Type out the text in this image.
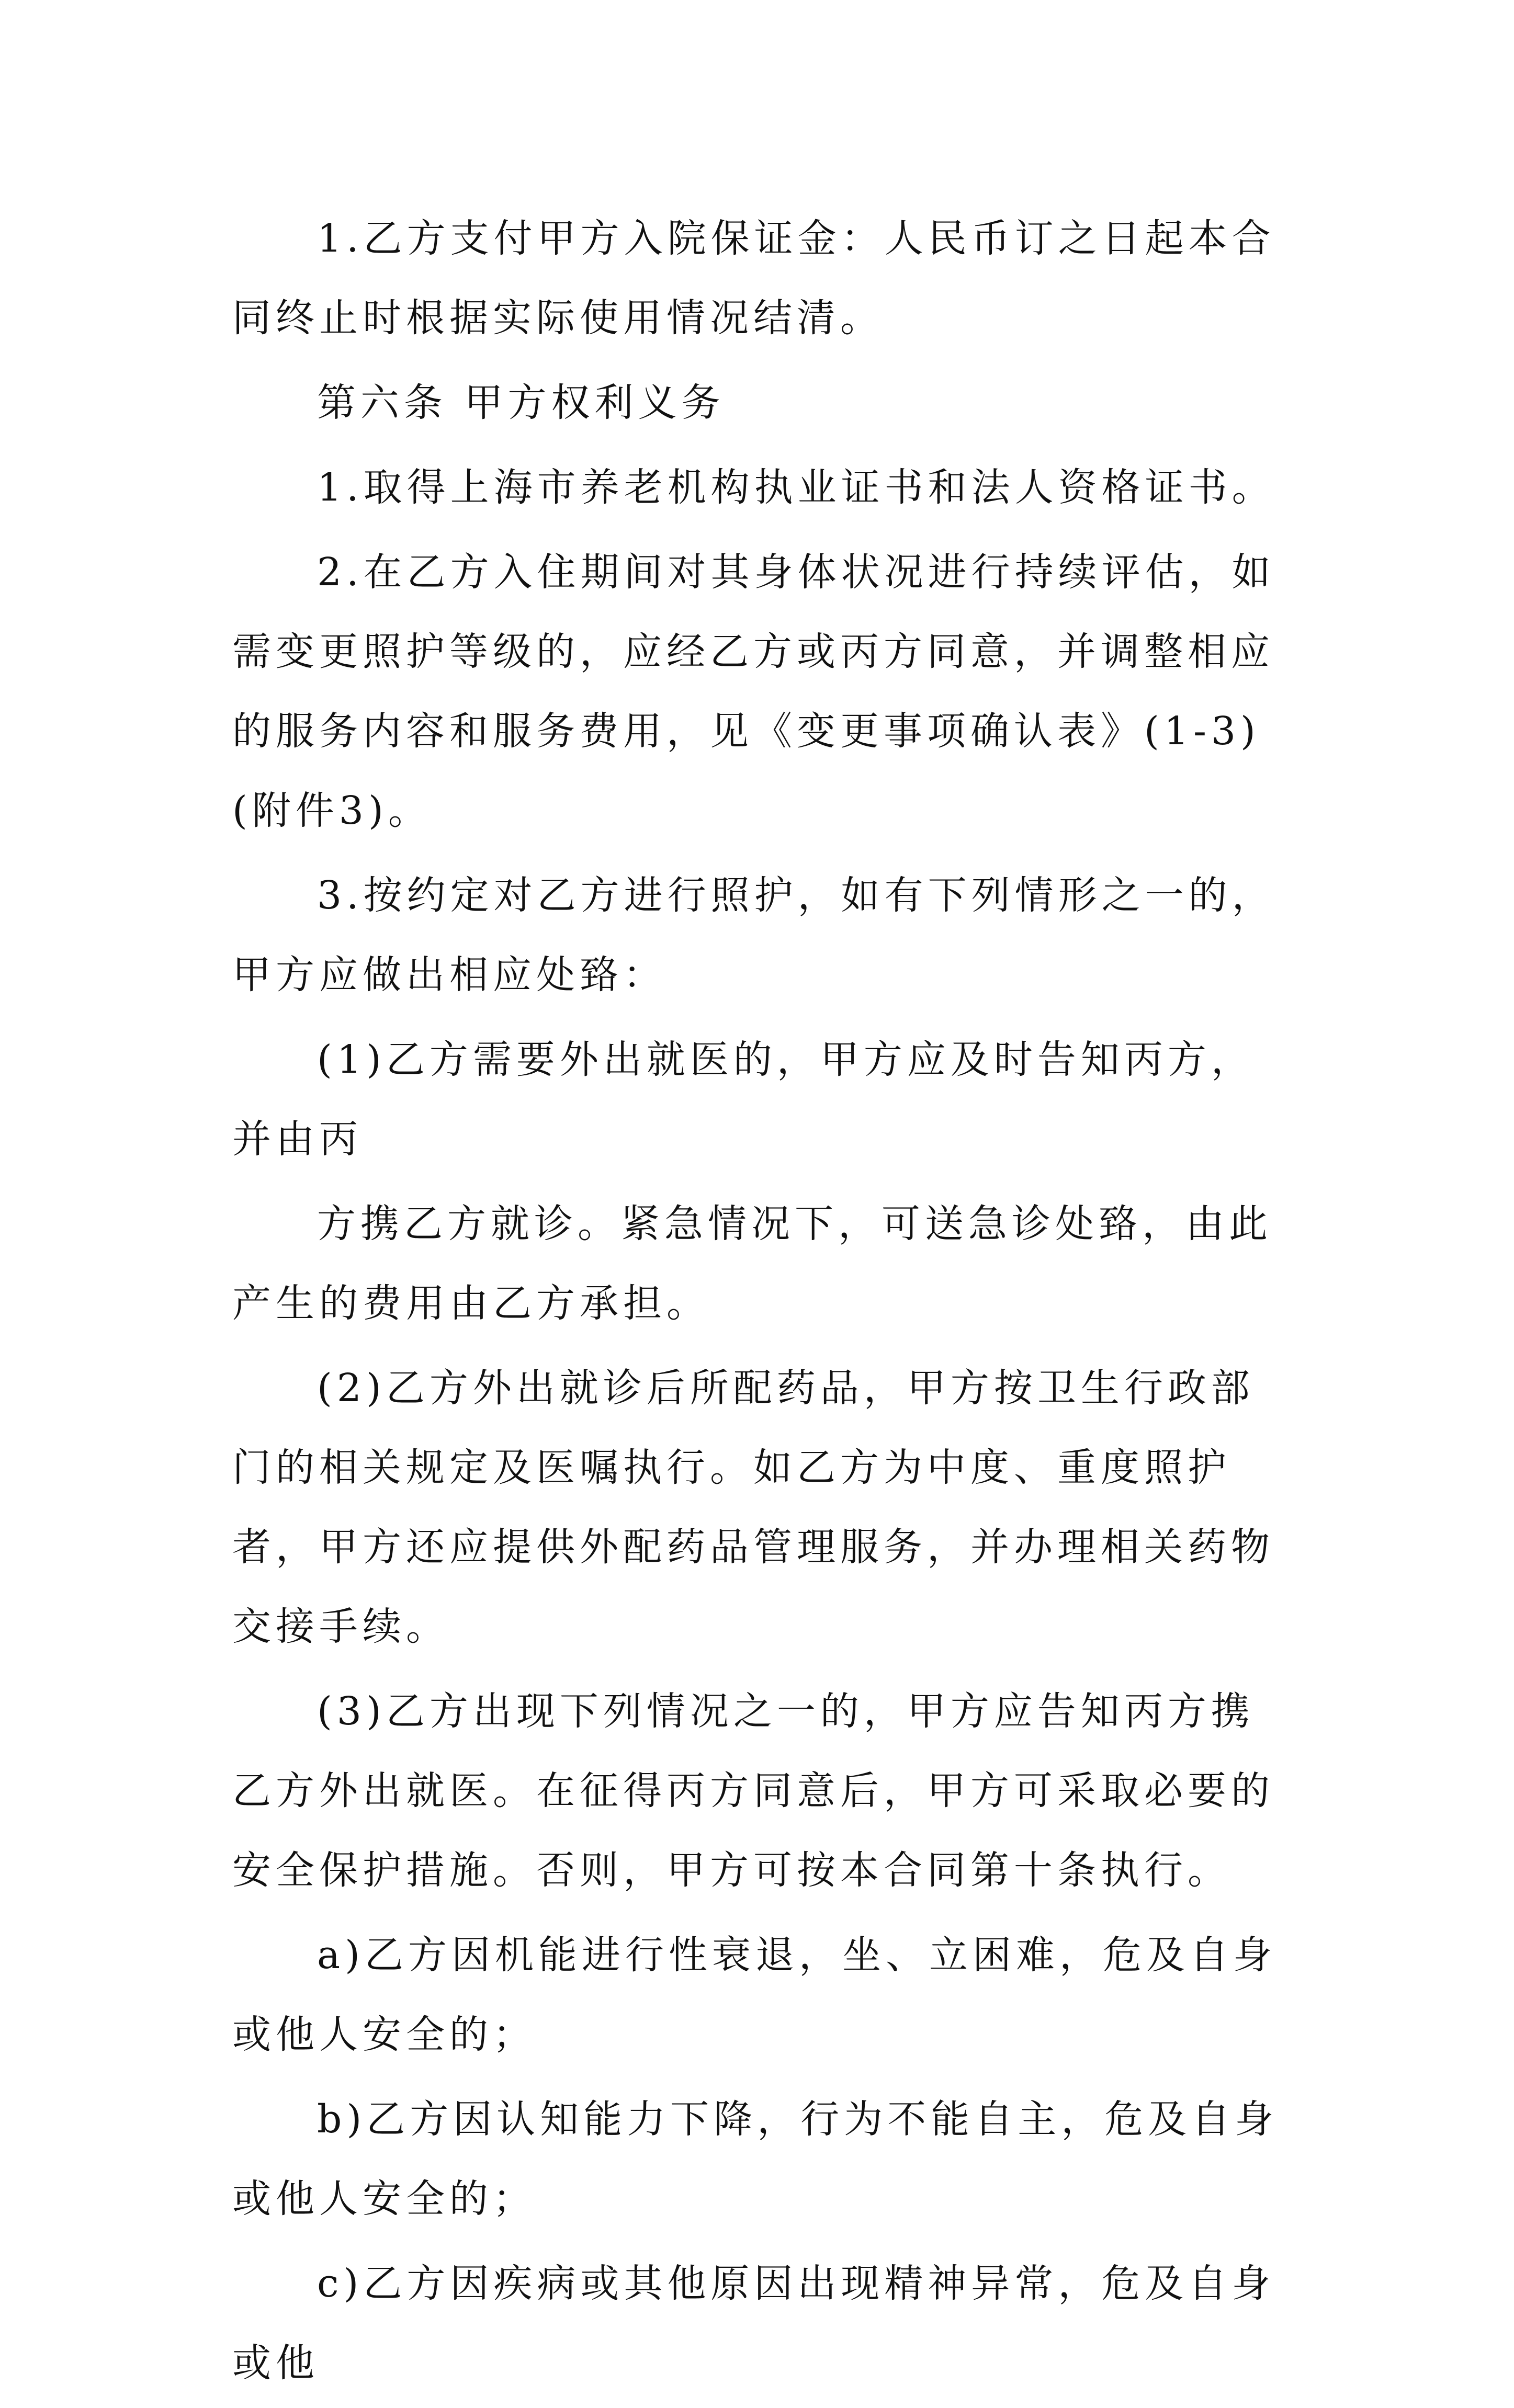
1.乙方支付甲方入院保证金：人民币订之日起本合同终止时根据实际使用情况结清。

第六条 甲方权利义务

1.取得上海市养老机构执业证书和法人资格证书。

2.在乙方入住期间对其身体状况进行持续评估，如需变更照护等级的，应经乙方或丙方同意，并调整相应的服务内容和服务费用，见《变更事项确认表》(1-3)(附件3)。

3.按约定对乙方进行照护，如有下列情形之一的，甲方应做出相应处臵：

(1)乙方需要外出就医的，甲方应及时告知丙方，并由丙

方携乙方就诊。紧急情况下，可送急诊处臵，由此产生的费用由乙方承担。

(2)乙方外出就诊后所配药品，甲方按卫生行政部门的相关规定及医嘱执行。如乙方为中度、重度照护者，甲方还应提供外配药品管理服务，并办理相关药物交接手续。

(3)乙方出现下列情况之一的，甲方应告知丙方携乙方外出就医。在征得丙方同意后，甲方可采取必要的安全保护措施。否则，甲方可按本合同第十条执行。

a)乙方因机能进行性衰退，坐、立困难，危及自身或他人安全的；

b)乙方因认知能力下降，行为不能自主，危及自身或他人安全的；

c)乙方因疾病或其他原因出现精神异常，危及自身或他
